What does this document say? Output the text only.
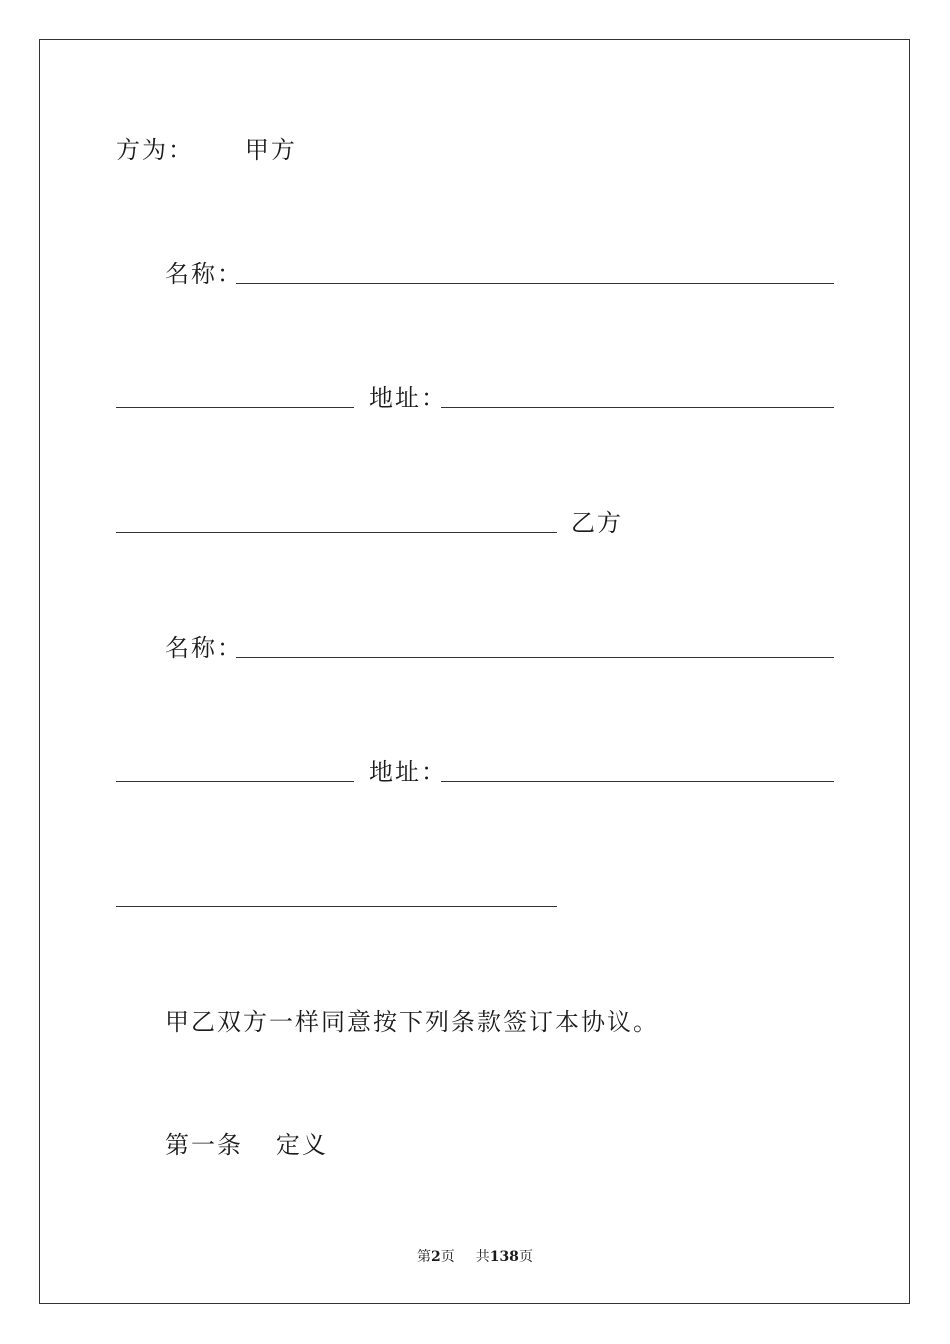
方为： 甲方
名称：
地址：
乙方
名称：
地址：
甲乙双方一样同意按下列条款签订本协议。
第一条  定义
第2页 共138页
